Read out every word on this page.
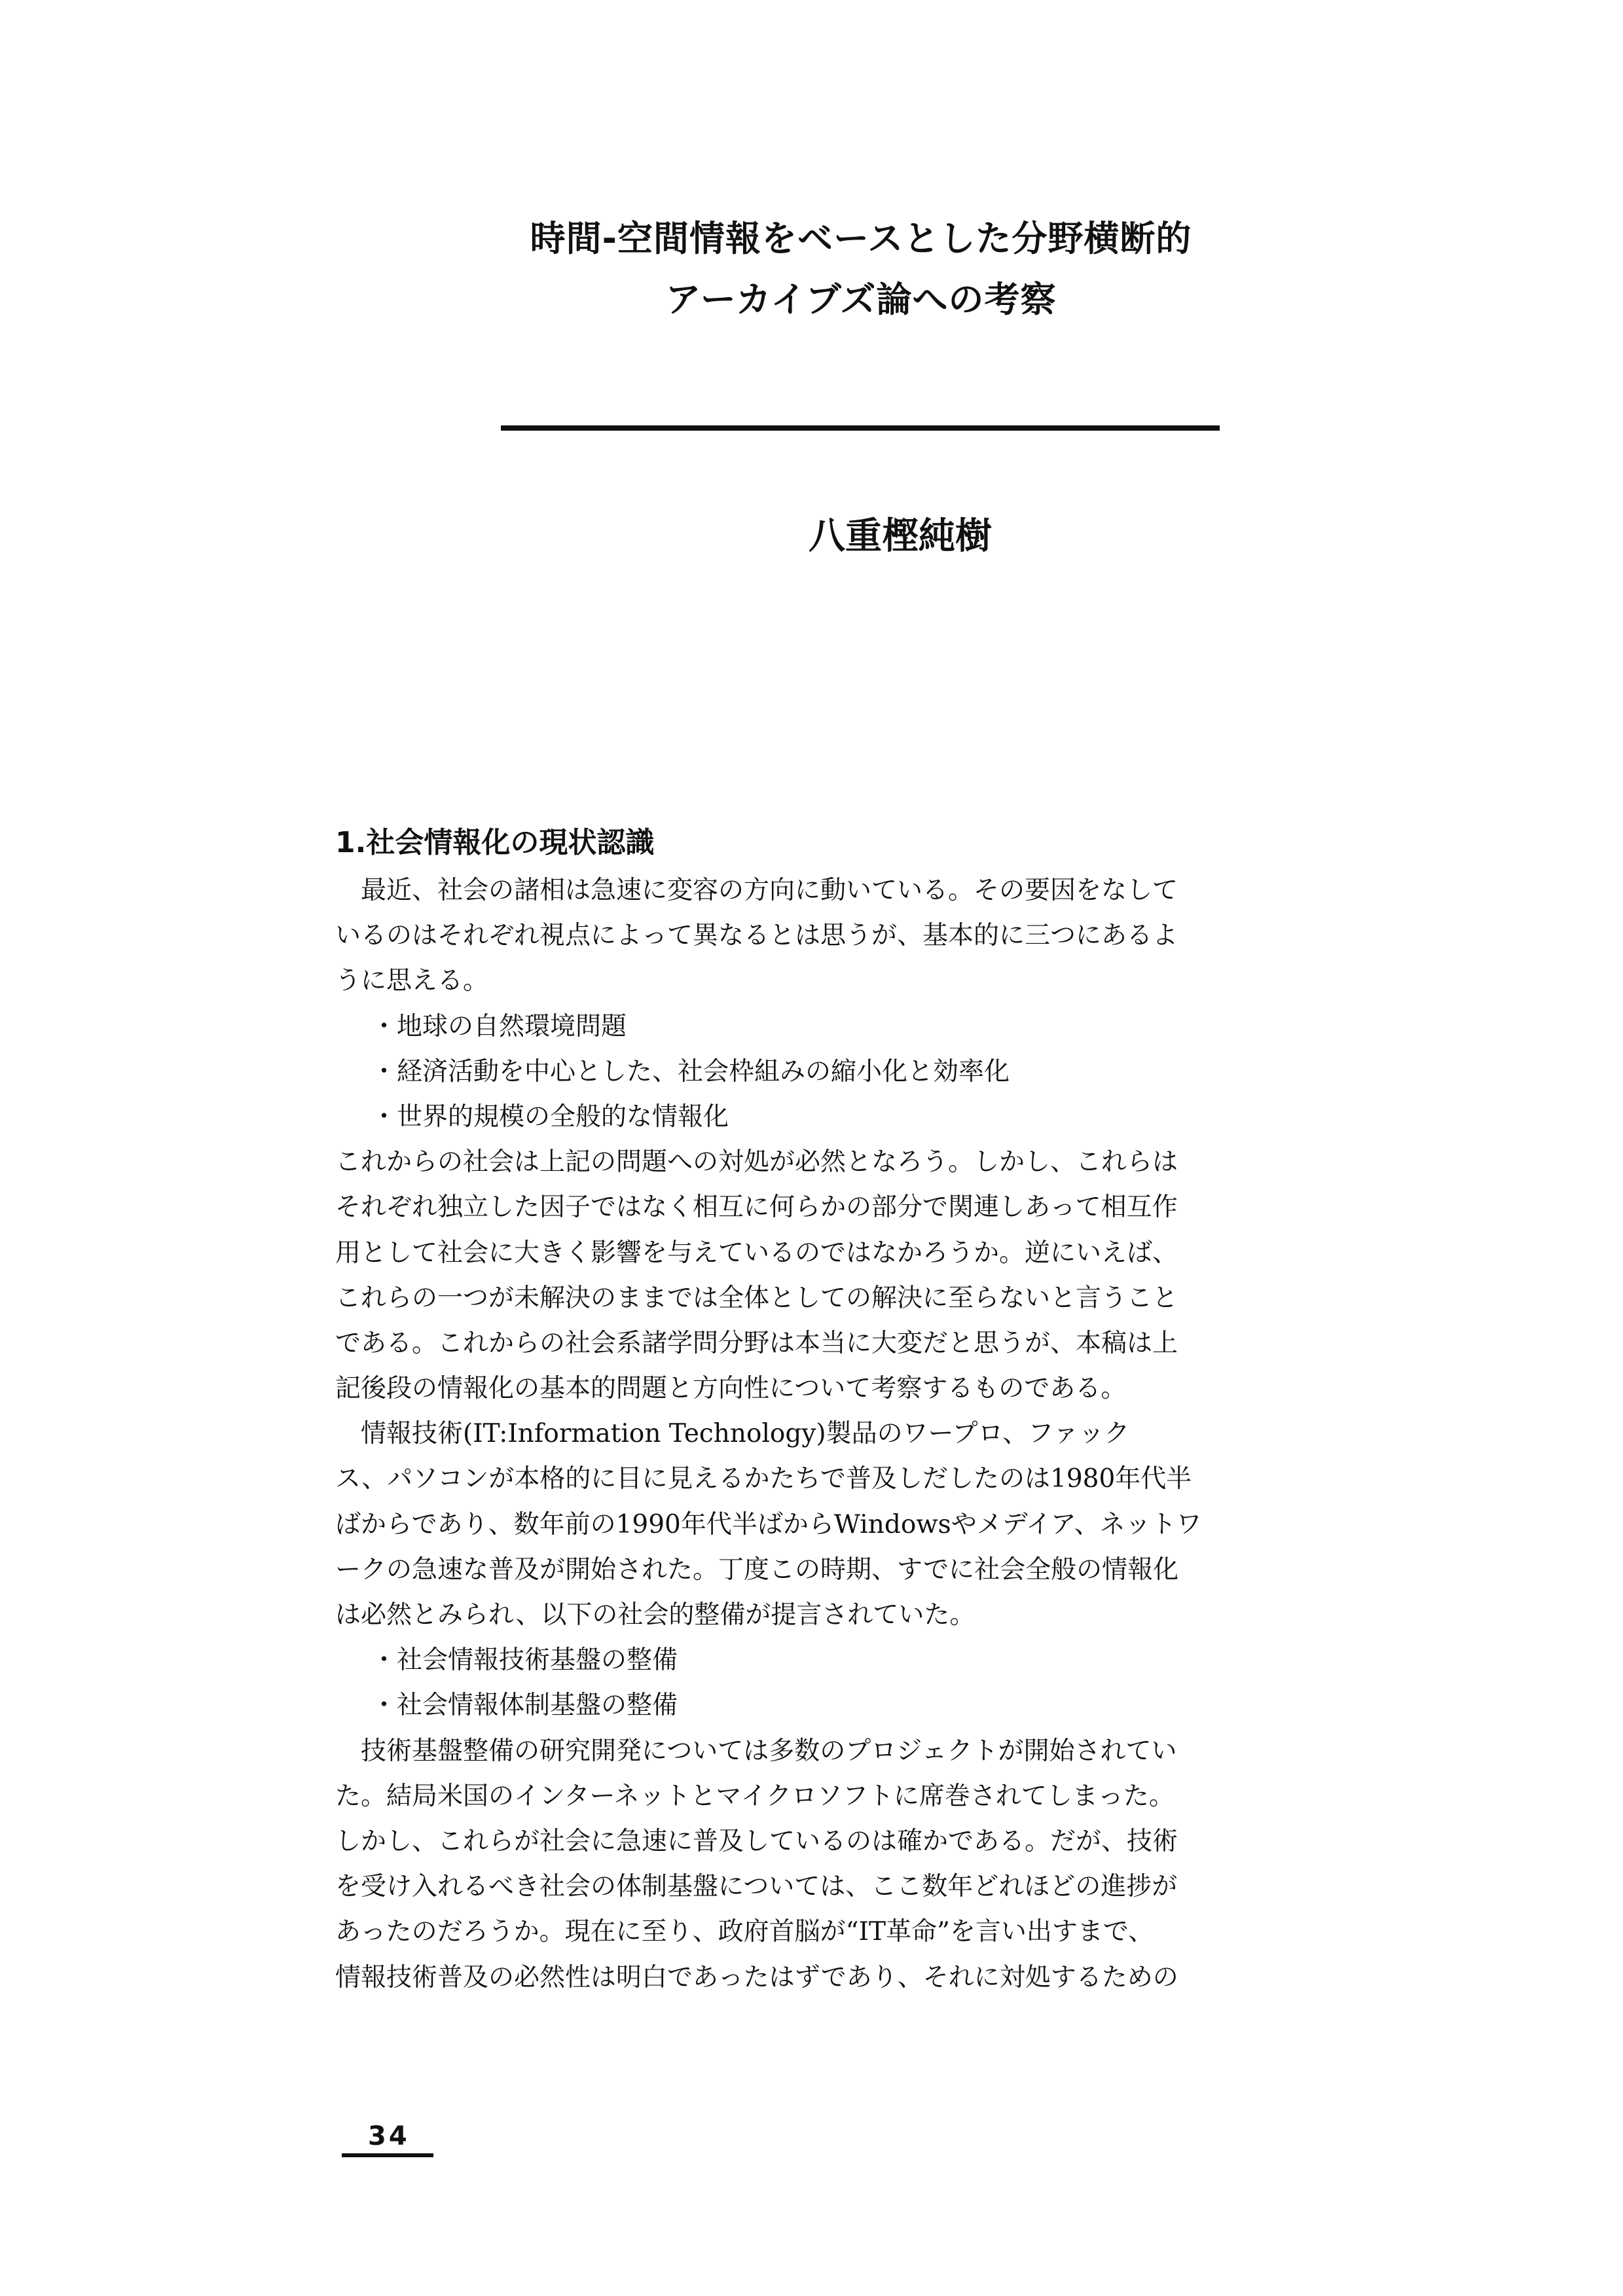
時間-空間情報をベースとした分野横断的
アーカイブズ論への考察
八重樫純樹
1.社会情報化の現状認識
最近、社会の諸相は急速に変容の方向に動いている。その要因をなして
いるのはそれぞれ視点によって異なるとは思うが、基本的に三つにあるよ
うに思える。
・地球の自然環境問題
・経済活動を中心とした、社会枠組みの縮小化と効率化
・世界的規模の全般的な情報化
これからの社会は上記の問題への対処が必然となろう。しかし、これらは
それぞれ独立した因子ではなく相互に何らかの部分で関連しあって相互作
用として社会に大きく影響を与えているのではなかろうか。逆にいえば、
これらの一つが未解決のままでは全体としての解決に至らないと言うこと
である。これからの社会系諸学問分野は本当に大変だと思うが、本稿は上
記後段の情報化の基本的問題と方向性について考察するものである。
情報技術(IT:Information Technology)製品のワープロ、ファック
ス、パソコンが本格的に目に見えるかたちで普及しだしたのは1980年代半
ばからであり、数年前の1990年代半ばからWindowsやメデイア、ネットワ
ークの急速な普及が開始された。丁度この時期、すでに社会全般の情報化
は必然とみられ、以下の社会的整備が提言されていた。
・社会情報技術基盤の整備
・社会情報体制基盤の整備
技術基盤整備の研究開発については多数のプロジェクトが開始されてい
た。結局米国のインターネットとマイクロソフトに席巻されてしまった。
しかし、これらが社会に急速に普及しているのは確かである。だが、技術
を受け入れるべき社会の体制基盤については、ここ数年どれほどの進捗が
あったのだろうか。現在に至り、政府首脳が“IT革命”を言い出すまで、
情報技術普及の必然性は明白であったはずであり、それに対処するための
34
